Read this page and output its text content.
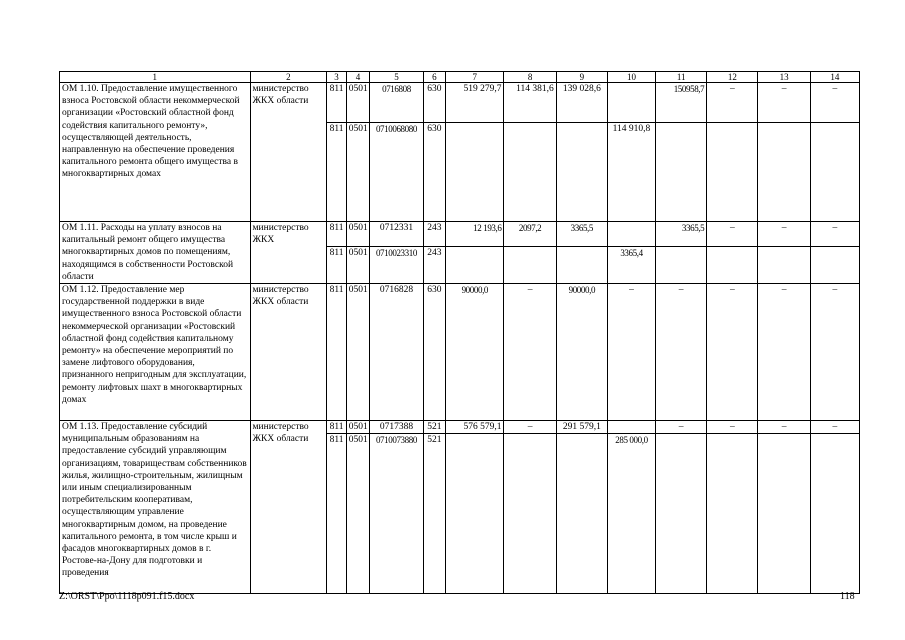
1	2	3	4	5	6	7	8	9	10	11	12	13	14
ОМ 1.10. Предоставление имущественного взноса Ростовской области некоммерческой организации «Ростовский областной фонд содействия капитального ремонту», осуществляющей деятельность, направленную на обеспечение проведения капитального ремонта общего имущества в многоквартирных домах	министерство ЖКХ области	811	0501	0716808	630	519 279,7	114 381,6	139 028,6		150958,7	–	–	–
		811	0501	0710068080	630				114 910,8				
ОМ 1.11. Расходы на уплату взносов на капитальный ремонт общего имущества многоквартирных домов по помещениям, находящимся в собственности Ростовской области	министерство ЖКХ	811	0501	0712331	243	12 193,6	2097,2	3365,5		3365,5	–	–	–
		811	0501	0710023310	243				3365,4				
ОМ 1.12. Предоставление мер государственной поддержки в виде имущественного взноса Ростовской области некоммерческой организации «Ростовский областной фонд содействия капитальному ремонту» на обеспечение мероприятий по замене лифтового оборудования, признанного непригодным для эксплуатации, ремонту лифтовых шахт в многоквартирных домах	министерство ЖКХ области	811	0501	0716828	630	90000,0	–	90000,0	–	–	–	–	–
ОМ 1.13. Предоставление субсидий муниципальным образованиям на предоставление субсидий управляющим организациям, товариществам собственников жилья, жилищно-строительным, жилищным или иным специализированным потребительским кооперативам, осуществляющим управление многоквартирным домом, на проведение капитального ремонта, в том числе крыш и фасадов многоквартирных домов в г. Ростове-на-Дону для подготовки и проведения	министерство ЖКХ области	811	0501	0717388	521	576 579,1	–	291 579,1		–	–	–	–
		811	0501	0710073880	521				285 000,0				
Z:\ORST\Ppo\1118p091.f15.docx	118
